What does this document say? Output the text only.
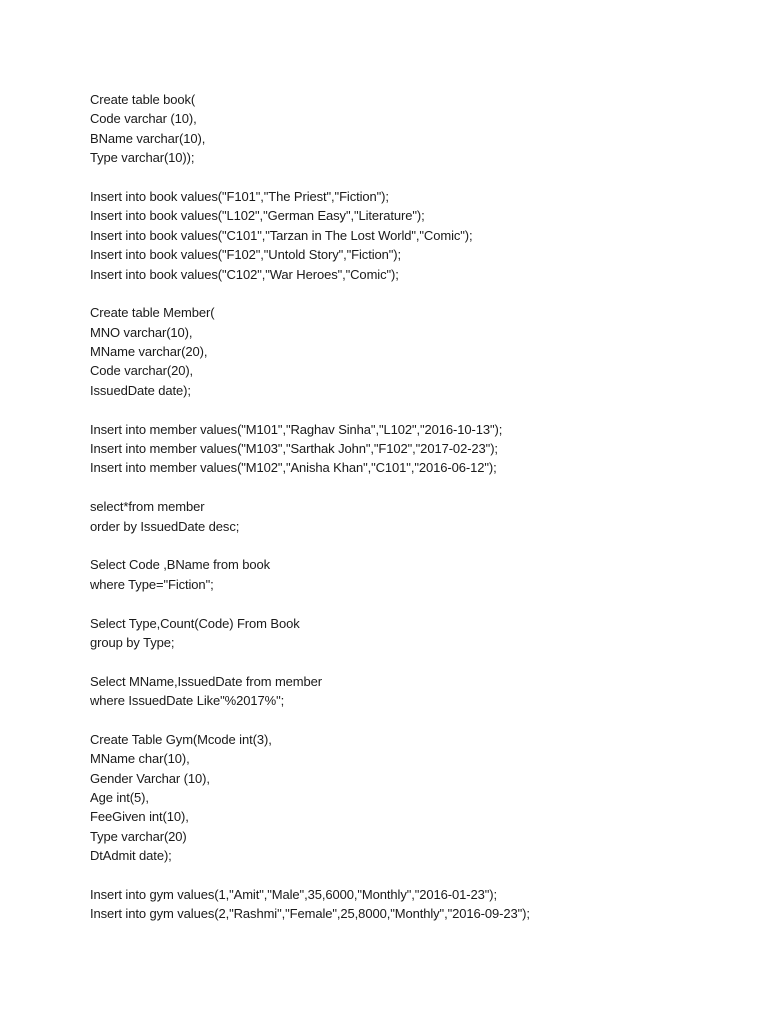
Create table book(
Code varchar (10),
BName varchar(10),
Type varchar(10));
Insert into book values("F101","The Priest","Fiction");
Insert into book values("L102","German Easy","Literature");
Insert into book values("C101","Tarzan in The Lost World","Comic");
Insert into book values("F102","Untold Story","Fiction");
Insert into book values("C102","War Heroes","Comic");
Create table Member(
MNO varchar(10),
MName varchar(20),
Code varchar(20),
IssuedDate date);
Insert into member values("M101","Raghav Sinha","L102","2016-10-13");
Insert into member values("M103","Sarthak John","F102","2017-02-23");
Insert into member values("M102","Anisha Khan","C101","2016-06-12");
select*from member
order by IssuedDate desc;
Select Code ,BName from book
where Type="Fiction";
Select Type,Count(Code) From Book
group by Type;
Select MName,IssuedDate from member
where IssuedDate Like"%2017%";
Create Table Gym(Mcode int(3),
MName char(10),
Gender Varchar (10),
Age int(5),
FeeGiven int(10),
Type varchar(20)
DtAdmit date);
Insert into gym values(1,"Amit","Male",35,6000,"Monthly","2016-01-23");
Insert into gym values(2,"Rashmi","Female",25,8000,"Monthly","2016-09-23");
